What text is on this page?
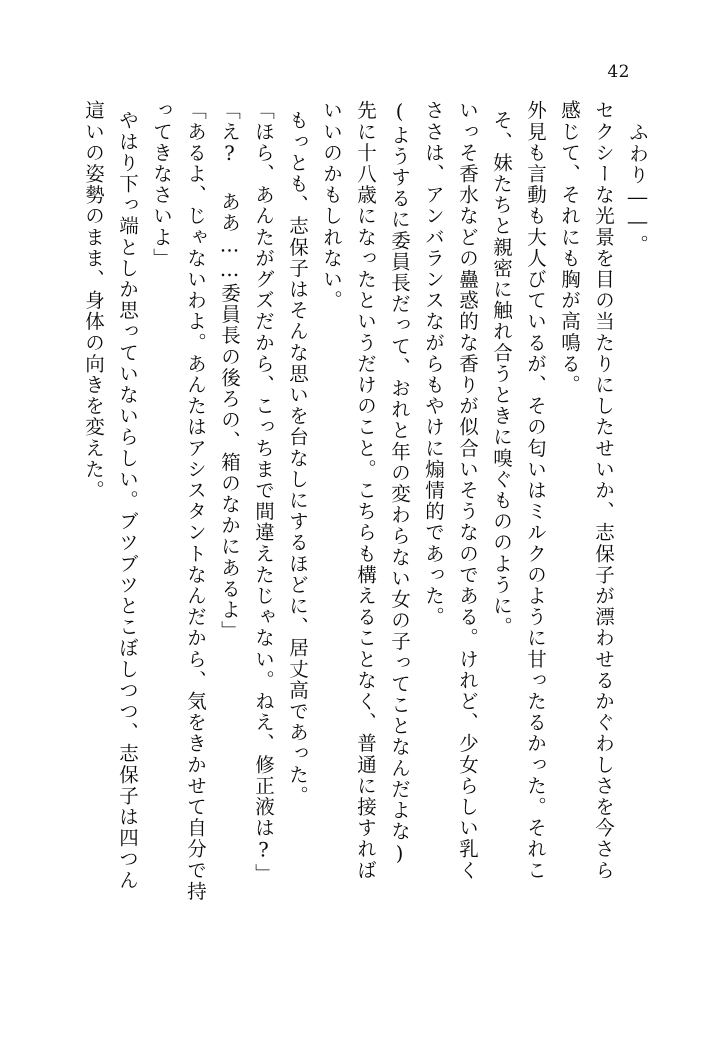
42
ふわり――。
セクシーな光景を目の当たりにしたせいか、志保子が漂わせるかぐわしさを今さら
感じて、それにも胸が高鳴る。
外見も言動も大人びているが、その匂いはミルクのように甘ったるかった。それこ
そ、妹たちと親密に触れ合うときに嗅ぐもののように。
いっそ香水などの蠱惑的な香りが似合いそうなのである。けれど、少女らしい乳く
ささは、アンバランスながらもやけに煽情的であった。
(ようするに委員長だって、おれと年の変わらない女の子ってことなんだよな)
先に十八歳になったというだけのこと。こちらも構えることなく、普通に接すれば
いいのかもしれない。
もっとも、志保子はそんな思いを台なしにするほどに、居丈高であった。
「ほら、あんたがグズだから、こっちまで間違えたじゃない。ねえ、修正液は?」
「え? ああ……委員長の後ろの、箱のなかにあるよ」
「あるよ、じゃないわよ。あんたはアシスタントなんだから、気をきかせて自分で持
ってきなさいよ」
やはり下っ端としか思っていないらしい。ブツブツとこぼしつつ、志保子は四つん
這いの姿勢のまま、身体の向きを変えた。
